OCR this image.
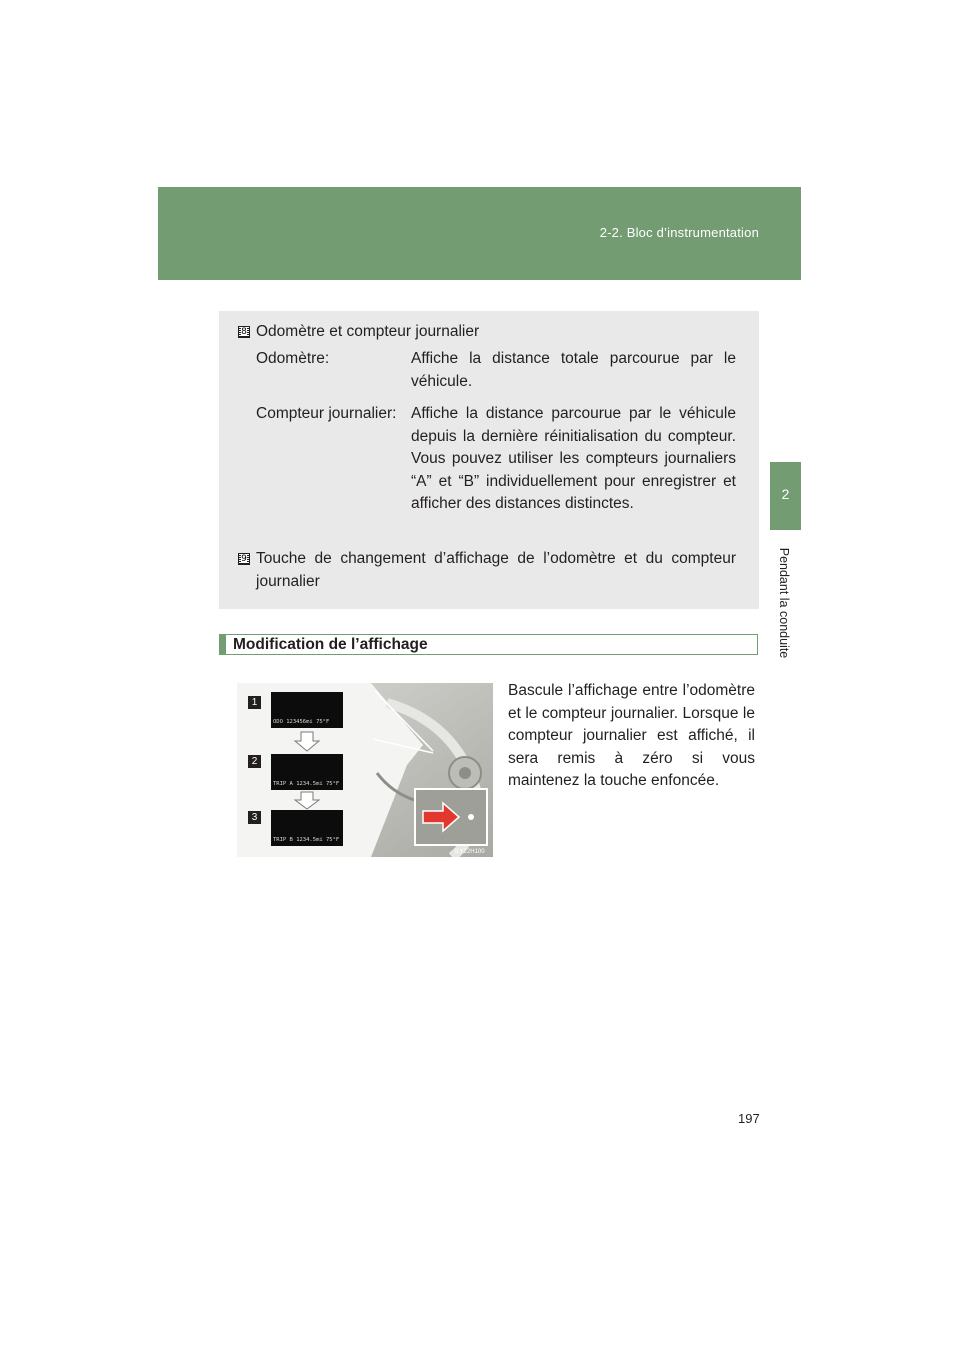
2-2. Bloc d’instrumentation
2
Pendant la conduite
8 Odomètre et compteur journalier
Odomètre:	Affiche la distance totale parcourue par le véhicule.
Compteur journalier: Affiche la distance parcourue par le véhicule depuis la dernière réinitialisation du compteur. Vous pouvez utiliser les compteurs journaliers “A” et “B” individuellement pour enregistrer et afficher des distances distinctes.
9 Touche de changement d’affichage de l’odomètre et du compteur journalier
Modification de l’affichage
1
2
3
ODO 123456mi 75°F
TRIP A 1234.5mi 75°F
TRIP B 1234.5mi 75°F
ILY22H100
Bascule l’affichage entre l’odomètre et le compteur journalier. Lorsque le compteur journalier est affiché, il sera remis à zéro si vous maintenez la touche enfoncée.
197
